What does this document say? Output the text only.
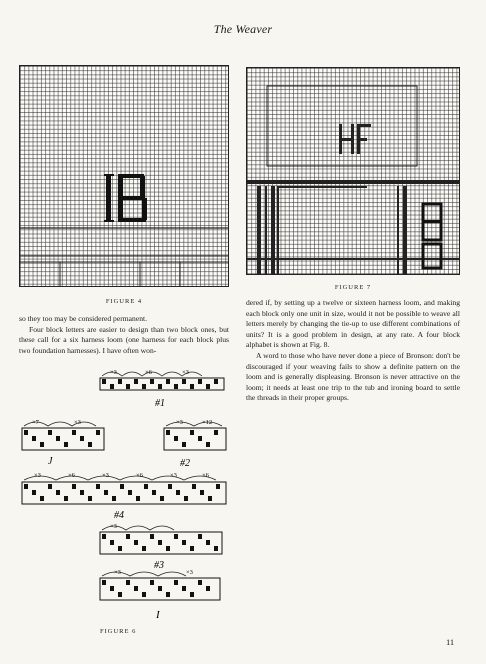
The Weaver
FIGURE 4
FIGURE 7

so they too may be considered permanent.

Four block letters are easier to design than two block ones, but these call for a six harness loom (one harness for each block plus two foundation harnesses). I have often won-

dered if, by setting up a twelve or sixteen harness loom, and making each block only one unit in size, would it not be possible to weave all letters merely by changing the tie-up to use different combinations of units? It is a good problem in design, at any rate. A four block alphabet is shown at Fig. 8.

A word to those who have never done a piece of Bronson: don't be discouraged if your weaving fails to show a definite pattern on the loom and is generally displeasing. Bronson is never attractive on the loom; it needs at least one trip to the tub and ironing board to settle the threads in their proper groups.

×3	×6	×3
#1
×7	×3
J
×3	×12
#2
×3	×6	×3	×6	×3	×6
#4
×3
#3
×3	×3
I
FIGURE 6
11
